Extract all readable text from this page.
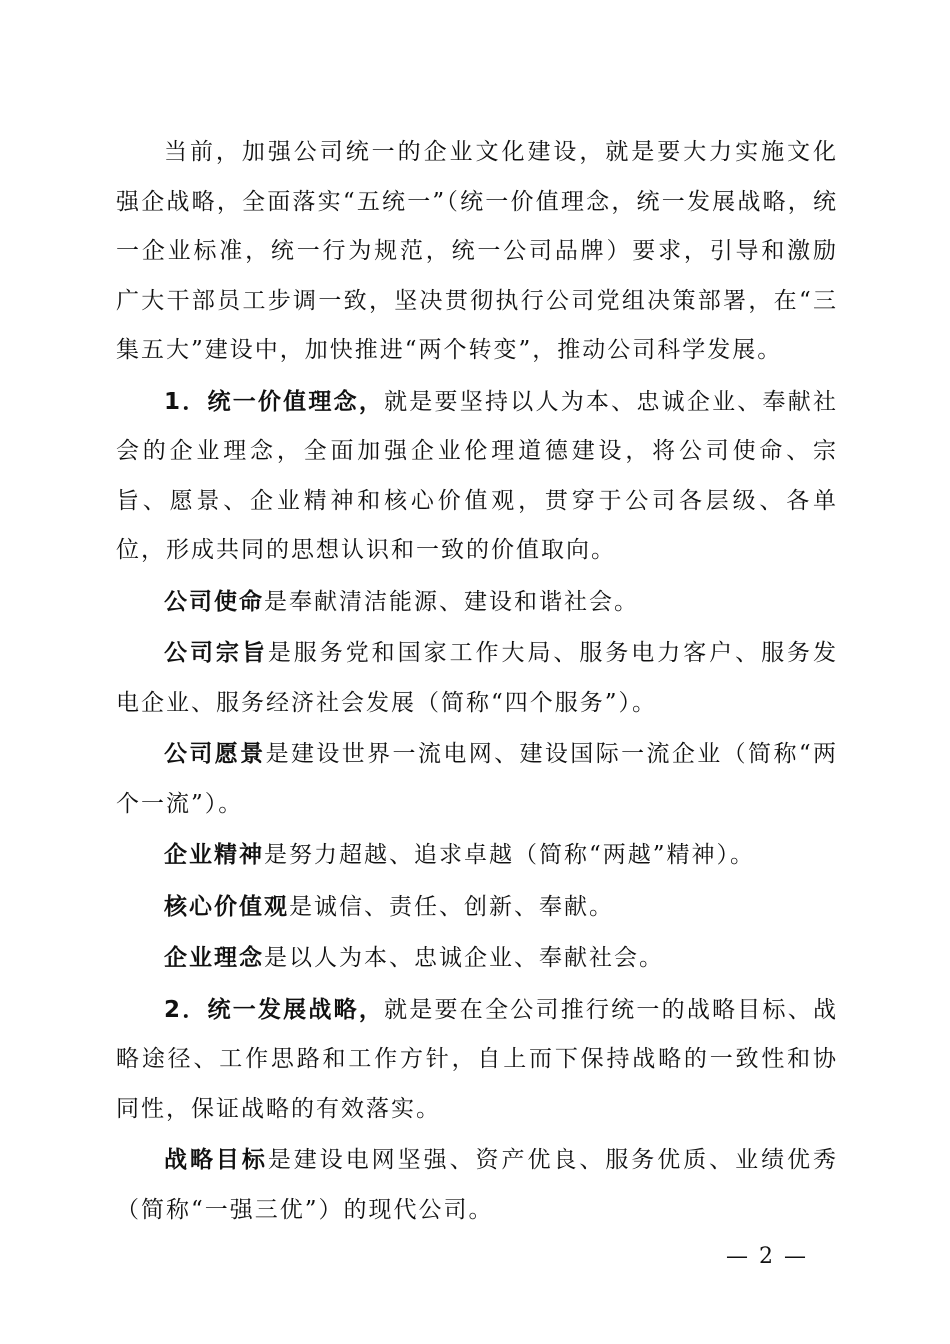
当前，加强公司统一的企业文化建设，就是要大力实施文化强企战略，全面落实“五统一”（统一价值理念，统一发展战略，统一企业标准，统一行为规范，统一公司品牌）要求，引导和激励广大干部员工步调一致，坚决贯彻执行公司党组决策部署，在“三集五大”建设中，加快推进“两个转变”，推动公司科学发展。

1．统一价值理念，就是要坚持以人为本、忠诚企业、奉献社会的企业理念，全面加强企业伦理道德建设，将公司使命、宗旨、愿景、企业精神和核心价值观，贯穿于公司各层级、各单位，形成共同的思想认识和一致的价值取向。

公司使命是奉献清洁能源、建设和谐社会。

公司宗旨是服务党和国家工作大局、服务电力客户、服务发电企业、服务经济社会发展（简称“四个服务”）。

公司愿景是建设世界一流电网、建设国际一流企业（简称“两个一流”）。

企业精神是努力超越、追求卓越（简称“两越”精神）。

核心价值观是诚信、责任、创新、奉献。

企业理念是以人为本、忠诚企业、奉献社会。

2．统一发展战略，就是要在全公司推行统一的战略目标、战略途径、工作思路和工作方针，自上而下保持战略的一致性和协同性，保证战略的有效落实。

战略目标是建设电网坚强、资产优良、服务优质、业绩优秀（简称“一强三优”）的现代公司。

— 2 —
